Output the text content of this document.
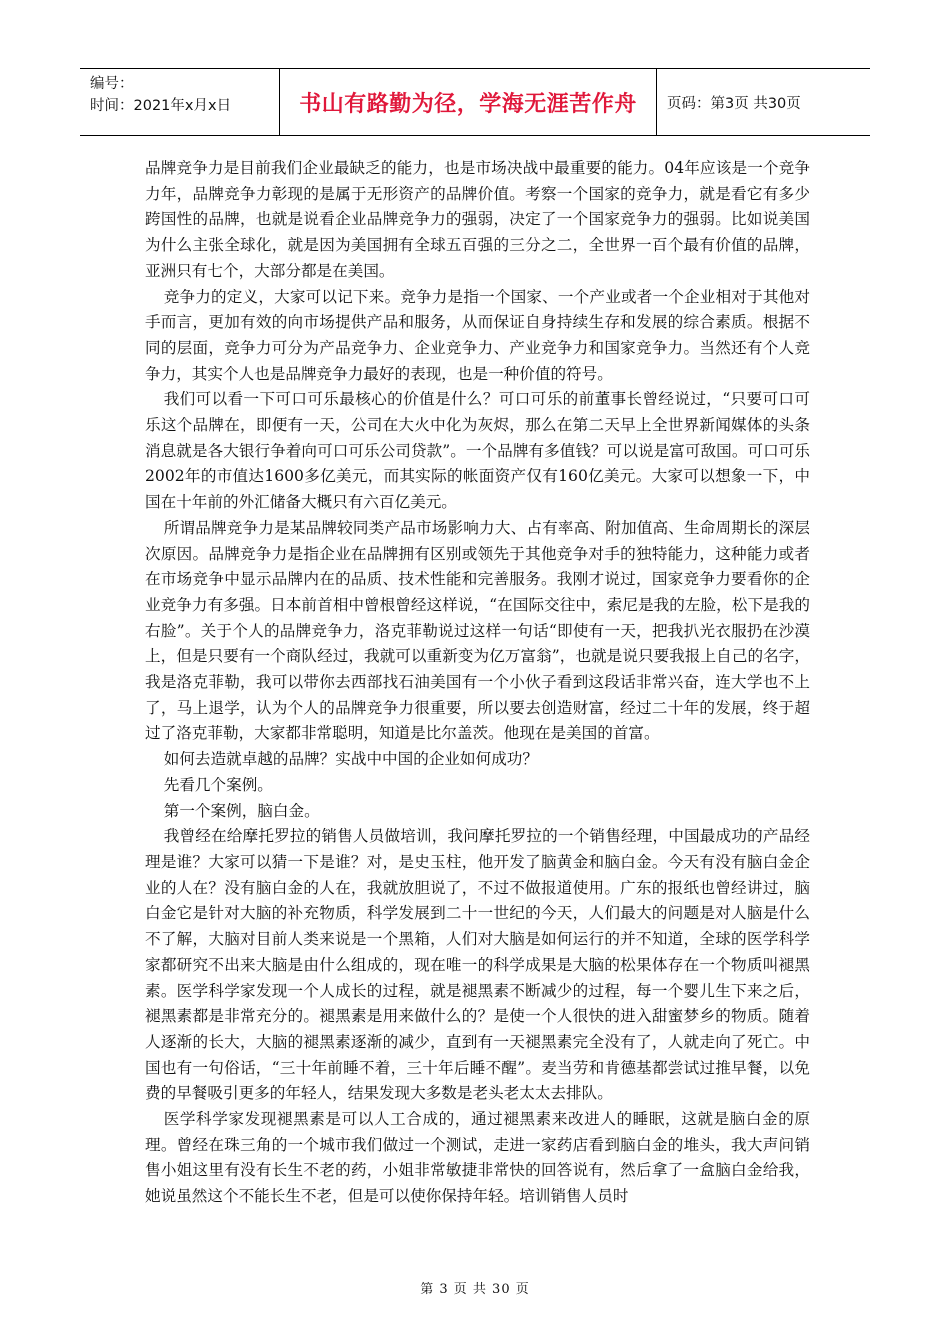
编号：
时间：2021年x月x日	书山有路勤为径，学海无涯苦作舟	页码：第3页 共30页

品牌竞争力是目前我们企业最缺乏的能力，也是市场决战中最重要的能力。04年应该是一个竞争力年，品牌竞争力彰现的是属于无形资产的品牌价值。考察一个国家的竞争力，就是看它有多少跨国性的品牌，也就是说看企业品牌竞争力的强弱，决定了一个国家竞争力的强弱。比如说美国为什么主张全球化，就是因为美国拥有全球五百强的三分之二，全世界一百个最有价值的品牌，亚洲只有七个，大部分都是在美国。

竞争力的定义，大家可以记下来。竞争力是指一个国家、一个产业或者一个企业相对于其他对手而言，更加有效的向市场提供产品和服务，从而保证自身持续生存和发展的综合素质。根据不同的层面，竞争力可分为产品竞争力、企业竞争力、产业竞争力和国家竞争力。当然还有个人竞争力，其实个人也是品牌竞争力最好的表现，也是一种价值的符号。

我们可以看一下可口可乐最核心的价值是什么？可口可乐的前董事长曾经说过，“只要可口可乐这个品牌在，即便有一天，公司在大火中化为灰烬，那么在第二天早上全世界新闻媒体的头条消息就是各大银行争着向可口可乐公司贷款”。一个品牌有多值钱？可以说是富可敌国。可口可乐2002年的市值达1600多亿美元，而其实际的帐面资产仅有160亿美元。大家可以想象一下，中国在十年前的外汇储备大概只有六百亿美元。

所谓品牌竞争力是某品牌较同类产品市场影响力大、占有率高、附加值高、生命周期长的深层次原因。品牌竞争力是指企业在品牌拥有区别或领先于其他竞争对手的独特能力，这种能力或者在市场竞争中显示品牌内在的品质、技术性能和完善服务。我刚才说过，国家竞争力要看你的企业竞争力有多强。日本前首相中曾根曾经这样说，“在国际交往中，索尼是我的左脸，松下是我的右脸”。关于个人的品牌竞争力，洛克菲勒说过这样一句话“即使有一天，把我扒光衣服扔在沙漠上，但是只要有一个商队经过，我就可以重新变为亿万富翁”，也就是说只要我报上自己的名字，我是洛克菲勒，我可以带你去西部找石油美国有一个小伙子看到这段话非常兴奋，连大学也不上了，马上退学，认为个人的品牌竞争力很重要，所以要去创造财富，经过二十年的发展，终于超过了洛克菲勒，大家都非常聪明，知道是比尔盖茨。他现在是美国的首富。

如何去造就卓越的品牌？实战中中国的企业如何成功？

先看几个案例。

第一个案例，脑白金。

我曾经在给摩托罗拉的销售人员做培训，我问摩托罗拉的一个销售经理，中国最成功的产品经理是谁？大家可以猜一下是谁？对，是史玉柱，他开发了脑黄金和脑白金。今天有没有脑白金企业的人在？没有脑白金的人在，我就放胆说了，不过不做报道使用。广东的报纸也曾经讲过，脑白金它是针对大脑的补充物质，科学发展到二十一世纪的今天，人们最大的问题是对人脑是什么不了解，大脑对目前人类来说是一个黑箱，人们对大脑是如何运行的并不知道，全球的医学科学家都研究不出来大脑是由什么组成的，现在唯一的科学成果是大脑的松果体存在一个物质叫褪黑素。医学科学家发现一个人成长的过程，就是褪黑素不断减少的过程，每一个婴儿生下来之后，褪黑素都是非常充分的。褪黑素是用来做什么的？是使一个人很快的进入甜蜜梦乡的物质。随着人逐渐的长大，大脑的褪黑素逐渐的减少，直到有一天褪黑素完全没有了，人就走向了死亡。中国也有一句俗话，“三十年前睡不着，三十年后睡不醒”。麦当劳和肯德基都尝试过推早餐，以免费的早餐吸引更多的年轻人，结果发现大多数是老头老太太去排队。

医学科学家发现褪黑素是可以人工合成的，通过褪黑素来改进人的睡眠，这就是脑白金的原理。曾经在珠三角的一个城市我们做过一个测试，走进一家药店看到脑白金的堆头，我大声问销售小姐这里有没有长生不老的药，小姐非常敏捷非常快的回答说有，然后拿了一盒脑白金给我，她说虽然这个不能长生不老，但是可以使你保持年轻。培训销售人员时

第 3 页 共 30 页
